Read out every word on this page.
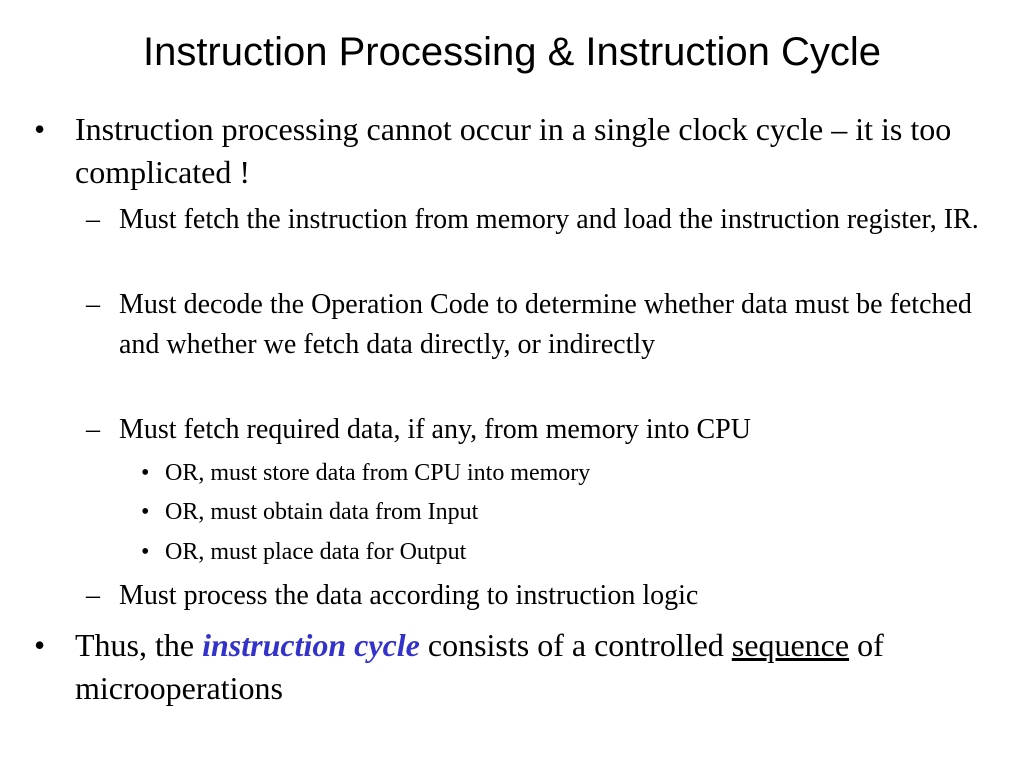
Instruction Processing & Instruction Cycle
• Instruction processing cannot occur in a single clock cycle – it is too complicated !
– Must fetch the instruction from memory and load the instruction register, IR.
– Must decode the Operation Code to determine whether data must be fetched and whether we fetch data directly, or indirectly
– Must fetch required data, if any, from memory into CPU
• OR, must store data from CPU into memory
• OR, must obtain data from Input
• OR, must place data for Output
– Must process the data according to instruction logic
• Thus, the instruction cycle consists of a controlled sequence of microoperations
